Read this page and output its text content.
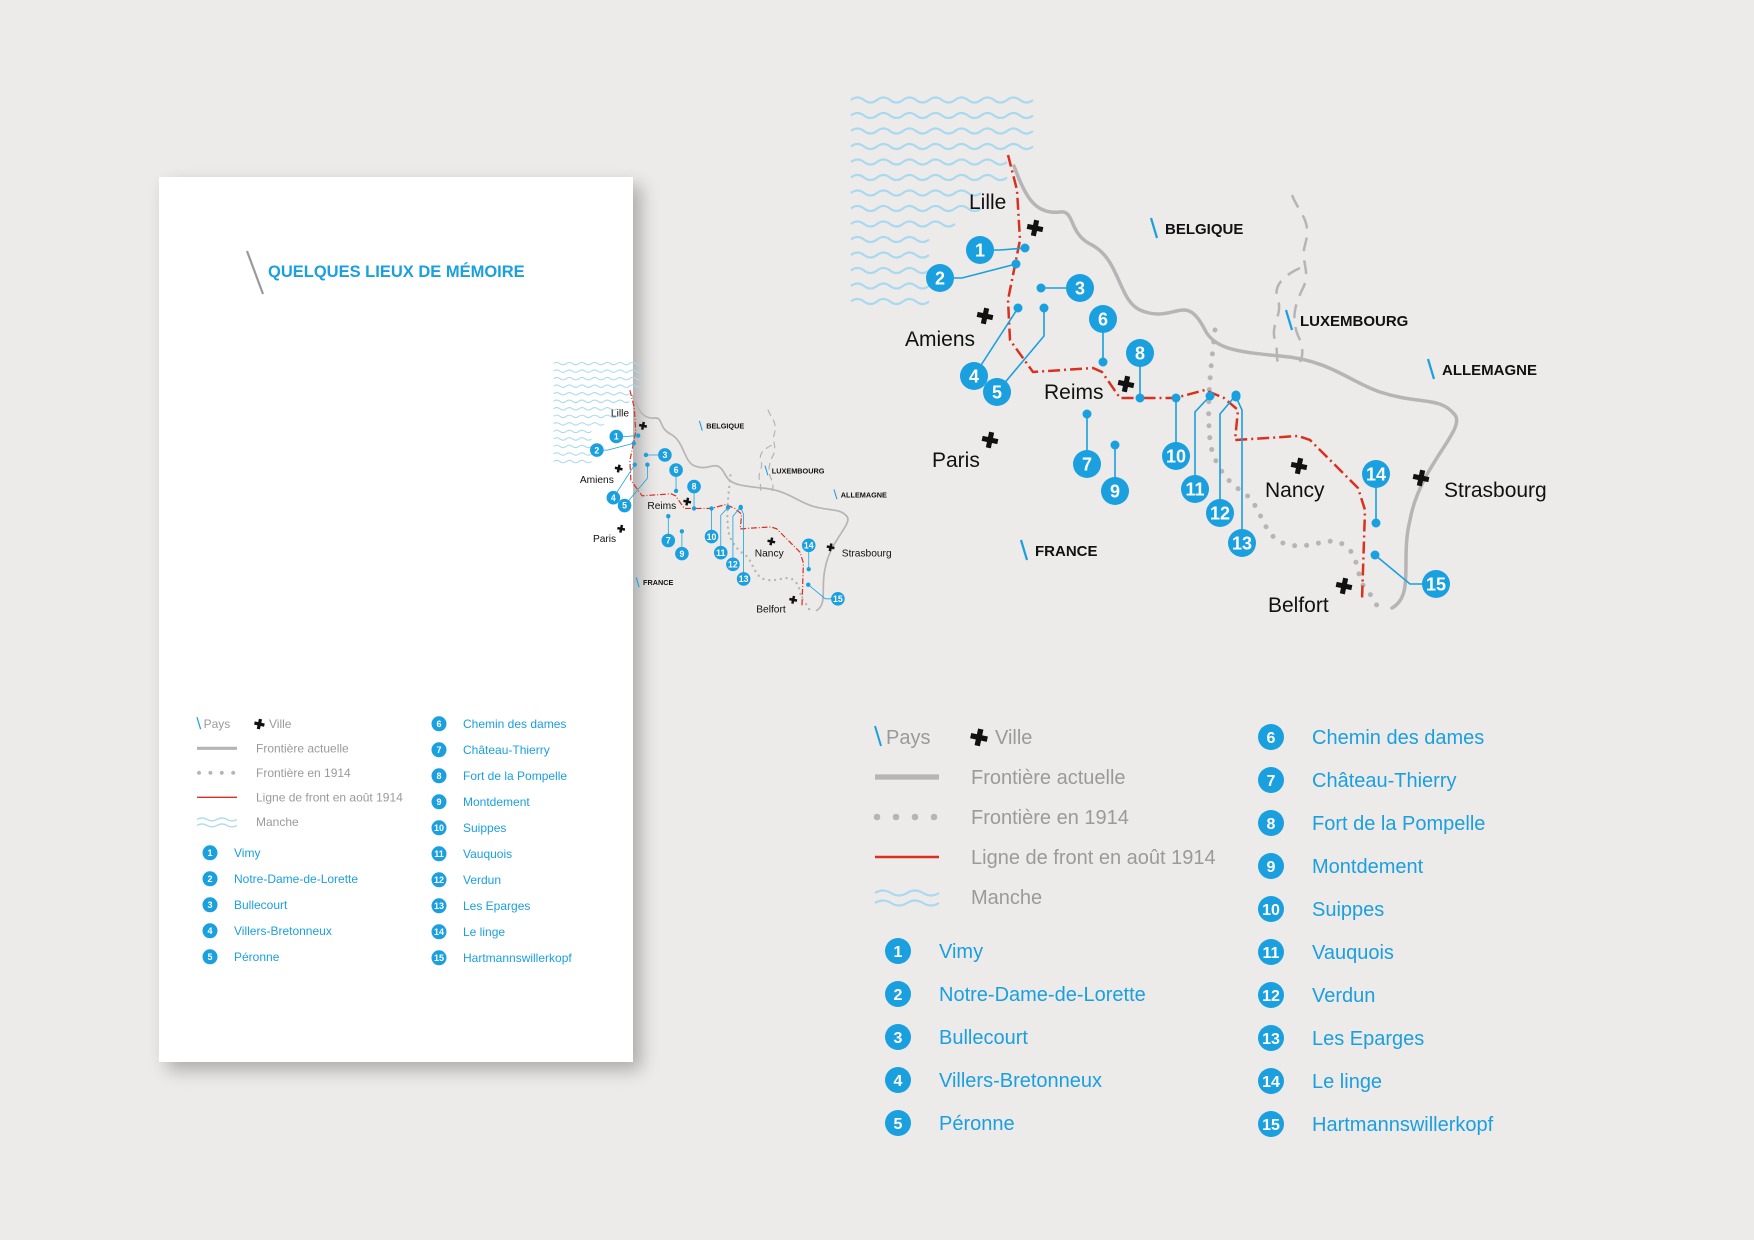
QUELQUES LIEUX DE MÉMOIRE
BELGIQUE
LUXEMBOURG
ALLEMAGNE
FRANCE
Lille
Amiens
Reims
Paris
Nancy	Strasbourg
Belfort
1
2	3
4
5
6
7
8
9
10
11
12
13
14
15
Pays	Ville
Frontière actuelle
Frontière en 1914
Ligne de front en août 1914
Manche
1 Vimy
2 Notre-Dame-de-Lorette
3 Bullecourt
4 Villers-Bretonneux
5 Péronne
6 Chemin des dames
7 Château-Thierry
8 Fort de la Pompelle
9 Montdement
10 Suippes
11 Vauquois
12 Verdun
13 Les Eparges
14 Le linge
15 Hartmannswillerkopf
BELGIQUE
LUXEMBOURG
ALLEMAGNE
FRANCE
Lille
Amiens
Reims
Paris
Nancy	Strasbourg
Belfort
1
2	3
4
5
6
7
8
9
10
11
12
13
14
15
Pays	Ville
Frontière actuelle
Frontière en 1914
Ligne de front en août 1914
Manche
1 Vimy
2 Notre-Dame-de-Lorette
3 Bullecourt
4 Villers-Bretonneux
5 Péronne
6 Chemin des dames
7 Château-Thierry
8 Fort de la Pompelle
9 Montdement
10 Suippes
11 Vauquois
12 Verdun
13 Les Eparges
14 Le linge
15 Hartmannswillerkopf
